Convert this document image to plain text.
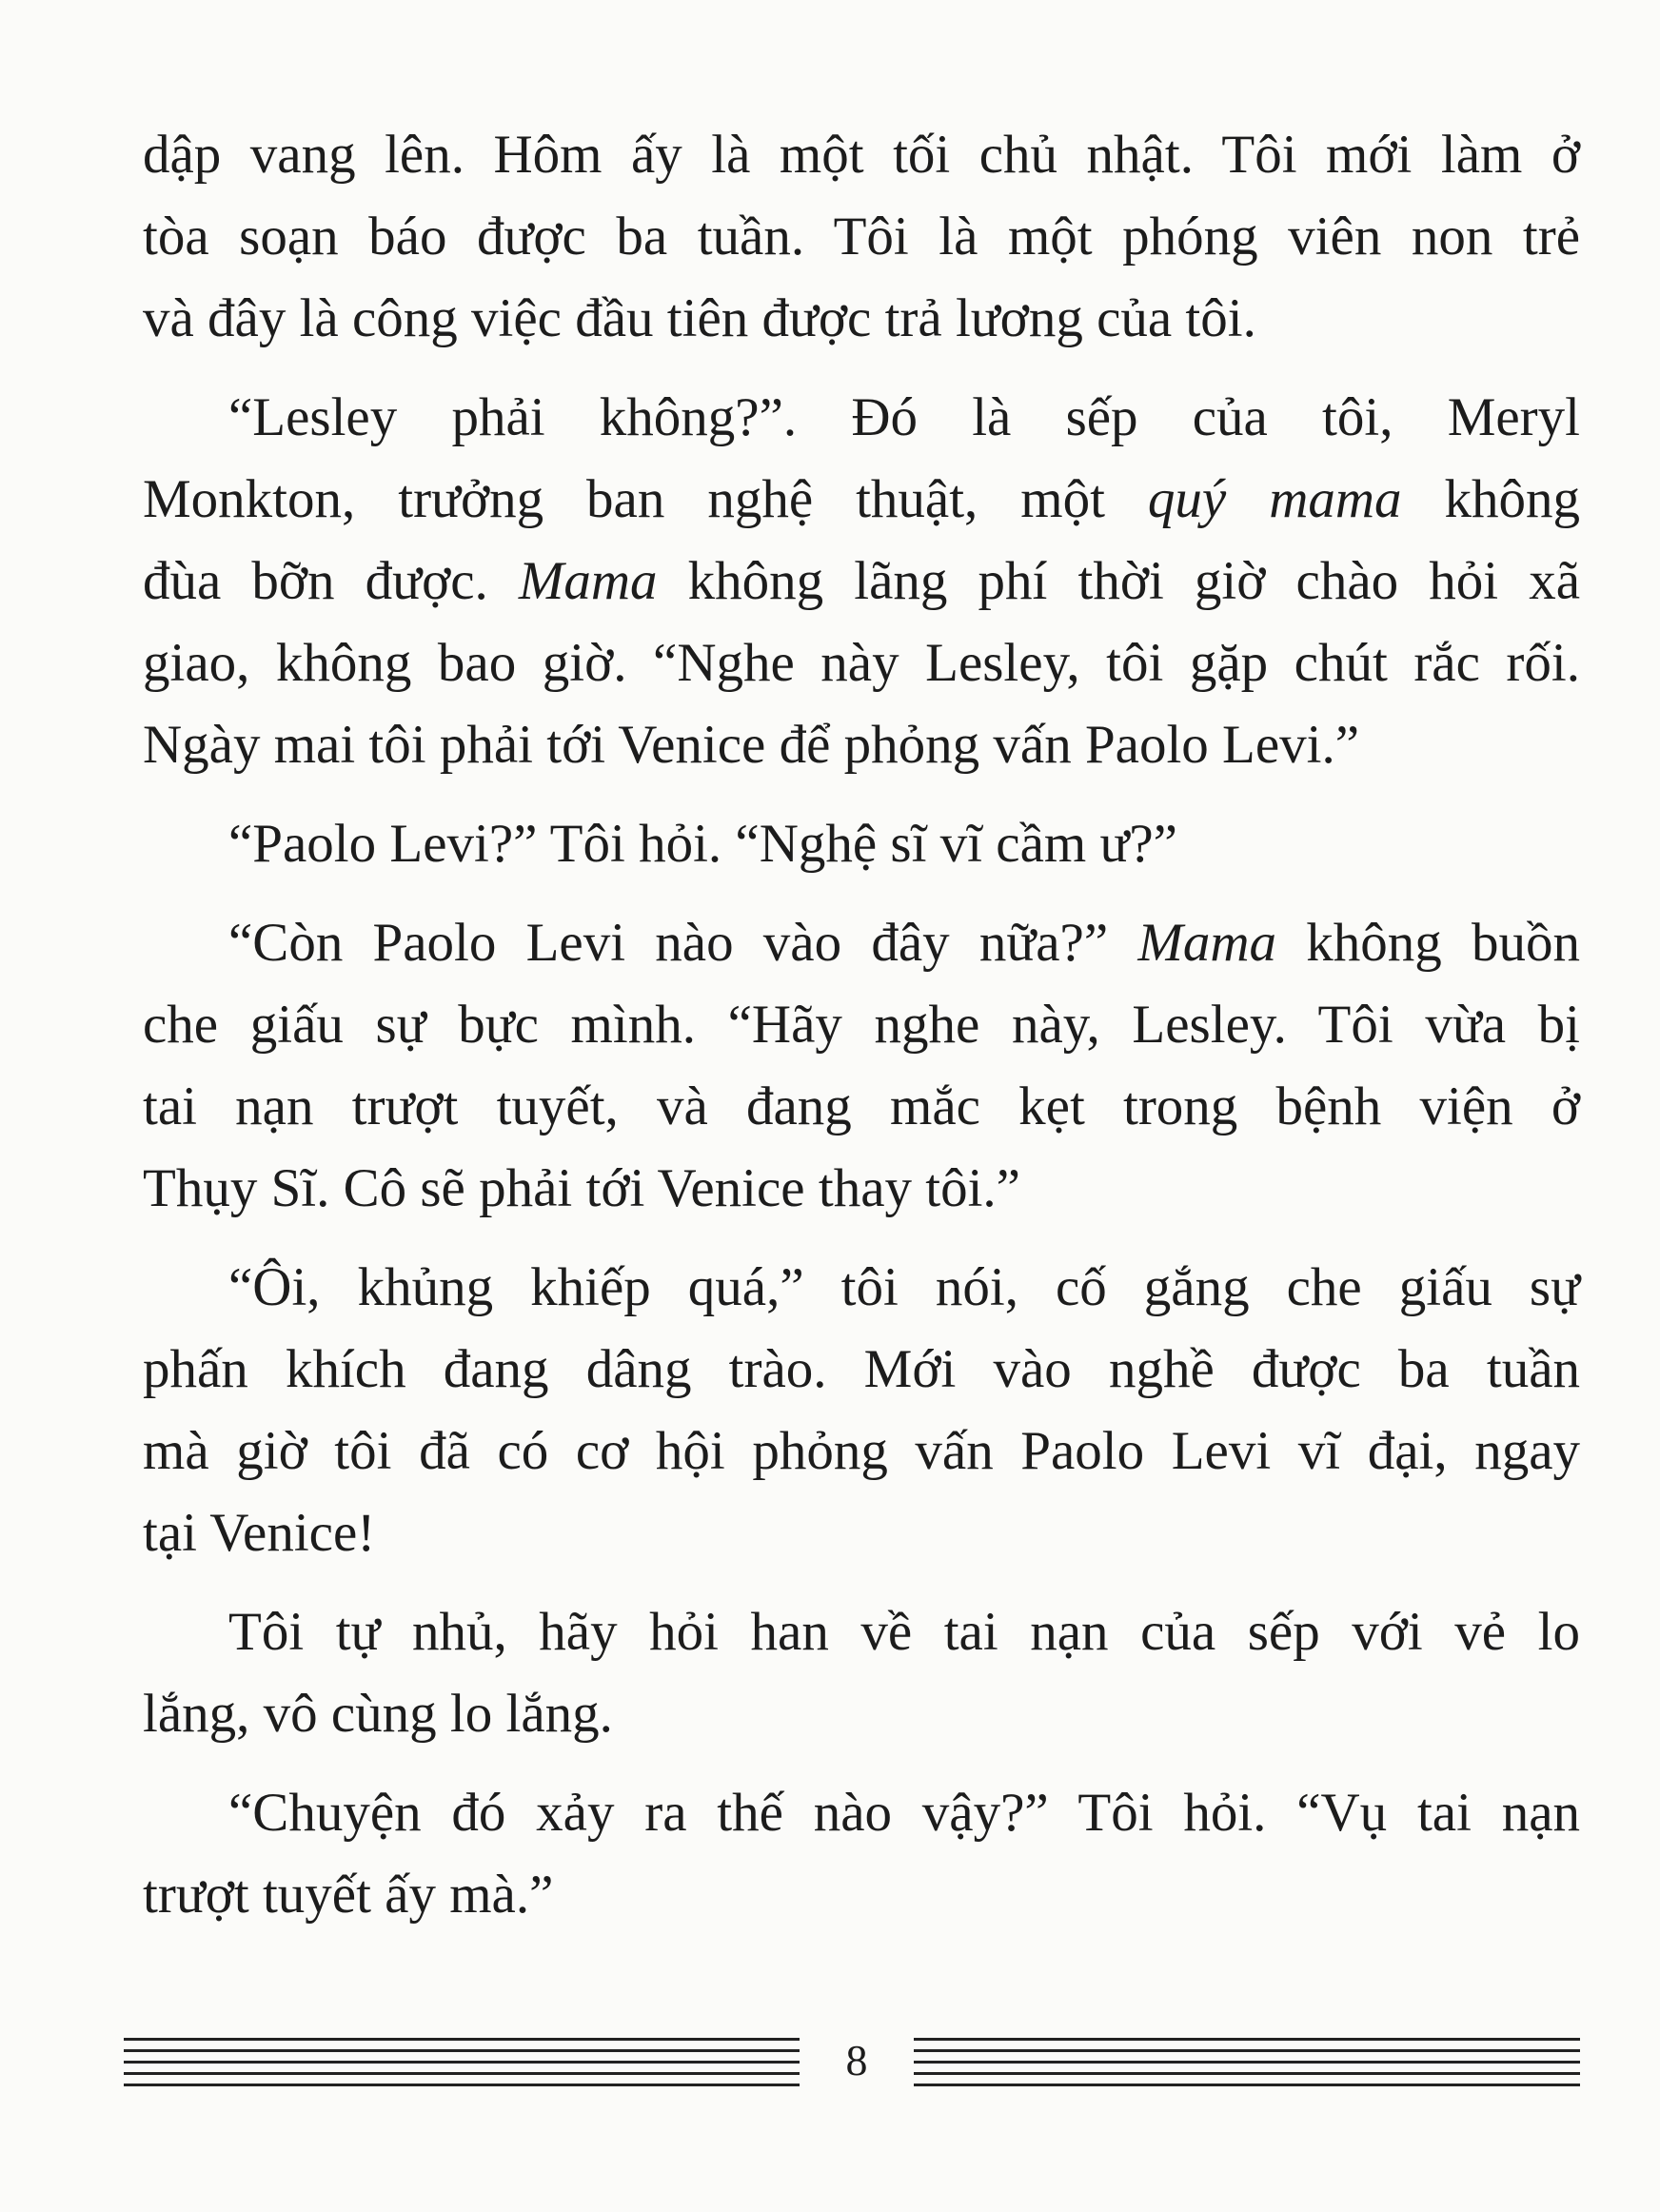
dập vang lên. Hôm ấy là một tối chủ nhật. Tôi mới làm ở
tòa soạn báo được ba tuần. Tôi là một phóng viên non trẻ
và đây là công việc đầu tiên được trả lương của tôi.
“Lesley phải không?”. Đó là sếp của tôi, Meryl
Monkton, trưởng ban nghệ thuật, một quý mama không
đùa bỡn được. Mama không lãng phí thời giờ chào hỏi xã
giao, không bao giờ. “Nghe này Lesley, tôi gặp chút rắc rối.
Ngày mai tôi phải tới Venice để phỏng vấn Paolo Levi.”
“Paolo Levi?” Tôi hỏi. “Nghệ sĩ vĩ cầm ư?”
“Còn Paolo Levi nào vào đây nữa?” Mama không buồn
che giấu sự bực mình. “Hãy nghe này, Lesley. Tôi vừa bị
tai nạn trượt tuyết, và đang mắc kẹt trong bệnh viện ở
Thụy Sĩ. Cô sẽ phải tới Venice thay tôi.”
“Ôi, khủng khiếp quá,” tôi nói, cố gắng che giấu sự
phấn khích đang dâng trào. Mới vào nghề được ba tuần
mà giờ tôi đã có cơ hội phỏng vấn Paolo Levi vĩ đại, ngay
tại Venice!
Tôi tự nhủ, hãy hỏi han về tai nạn của sếp với vẻ lo
lắng, vô cùng lo lắng.
“Chuyện đó xảy ra thế nào vậy?” Tôi hỏi. “Vụ tai nạn
trượt tuyết ấy mà.”
8
